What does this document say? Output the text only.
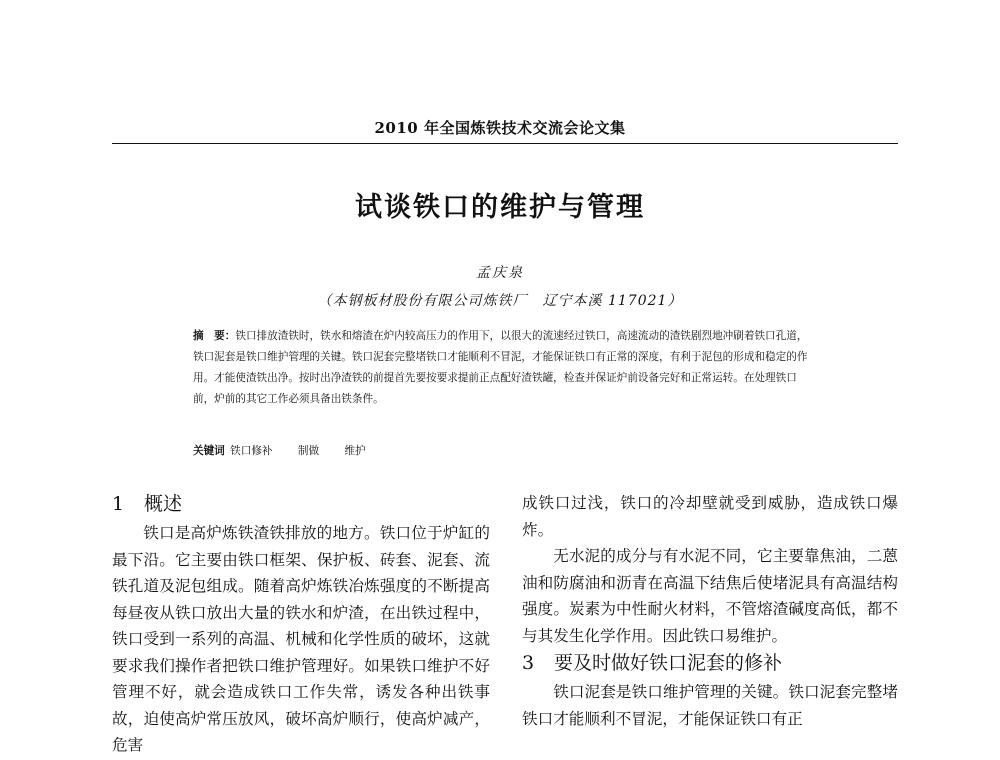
2010 年全国炼铁技术交流会论文集
试谈铁口的维护与管理
孟庆泉
（本钢板材股份有限公司炼铁厂　辽宁本溪 117021）
摘　要：铁口排放渣铁时，铁水和熔渣在炉内较高压力的作用下，以很大的流速经过铁口，高速流动的渣铁剧烈地冲刷着铁口孔道，铁口泥套是铁口维护管理的关键。铁口泥套完整堵铁口才能顺利不冒泥，才能保证铁口有正常的深度，有利于泥包的形成和稳定的作用。才能使渣铁出净。按时出净渣铁的前提首先要按要求提前正点配好渣铁罐，检查并保证炉前设备完好和正常运转。在处理铁口前，炉前的其它工作必须具备出铁条件。
关键词 铁口修补 制做 维护
1 概述

铁口是高炉炼铁渣铁排放的地方。铁口位于炉缸的最下沿。它主要由铁口框架、保护板、砖套、泥套、流铁孔道及泥包组成。随着高炉炼铁冶炼强度的不断提高每昼夜从铁口放出大量的铁水和炉渣，在出铁过程中，铁口受到一系列的高温、机械和化学性质的破坏，这就要求我们操作者把铁口维护管理好。如果铁口维护不好管理不好，就会造成铁口工作失常，诱发各种出铁事故，迫使高炉常压放风，破坏高炉顺行，使高炉减产，危害

成铁口过浅，铁口的冷却壁就受到威胁，造成铁口爆炸。

无水泥的成分与有水泥不同，它主要靠焦油，二蒽油和防腐油和沥青在高温下结焦后使堵泥具有高温结构强度。炭素为中性耐火材料，不管熔渣碱度高低，都不与其发生化学作用。因此铁口易维护。

3 要及时做好铁口泥套的修补

铁口泥套是铁口维护管理的关键。铁口泥套完整堵铁口才能顺利不冒泥，才能保证铁口有正
